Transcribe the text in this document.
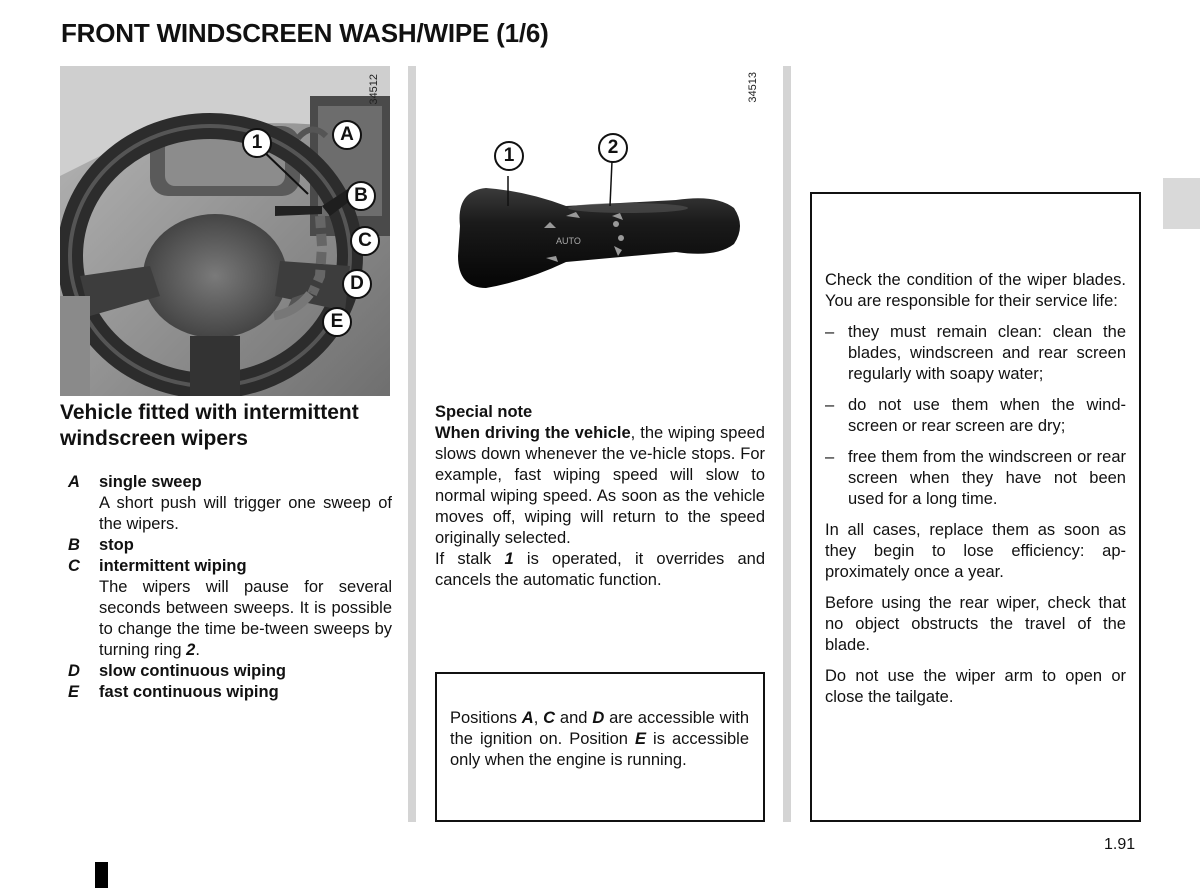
FRONT WINDSCREEN WASH/WIPE (1/6)
34512
1	A
B
C
D
E
AUTO
34513
1	2
Vehicle fitted with intermittent windscreen wipers
A	single sweep
A short push will trigger one sweep of the wipers.
B	stop
C	intermittent wiping
The wipers will pause for several seconds between sweeps. It is possible to change the time be-tween sweeps by turning ring 2.
D	slow continuous wiping
E	fast continuous wiping
Special note
When driving the vehicle, the wiping speed slows down whenever the ve-hicle stops. For example, fast wiping speed will slow to normal wiping speed. As soon as the vehicle moves off, wiping will return to the speed originally selected.
If stalk 1 is operated, it overrides and cancels the automatic function.
Positions A, C and D are accessible with the ignition on. Position E is accessible only when the engine is running.

Check the condition of the wiper blades. You are responsible for their service life:

– they must remain clean: clean the blades, windscreen and rear screen regularly with soapy water;
– do not use them when the wind-screen or rear screen are dry;
– free them from the windscreen or rear screen when they have not been used for a long time.

In all cases, replace them as soon as they begin to lose efficiency: ap-proximately once a year.

Before using the rear wiper, check that no object obstructs the travel of the blade.

Do not use the wiper arm to open or close the tailgate.

1.91
